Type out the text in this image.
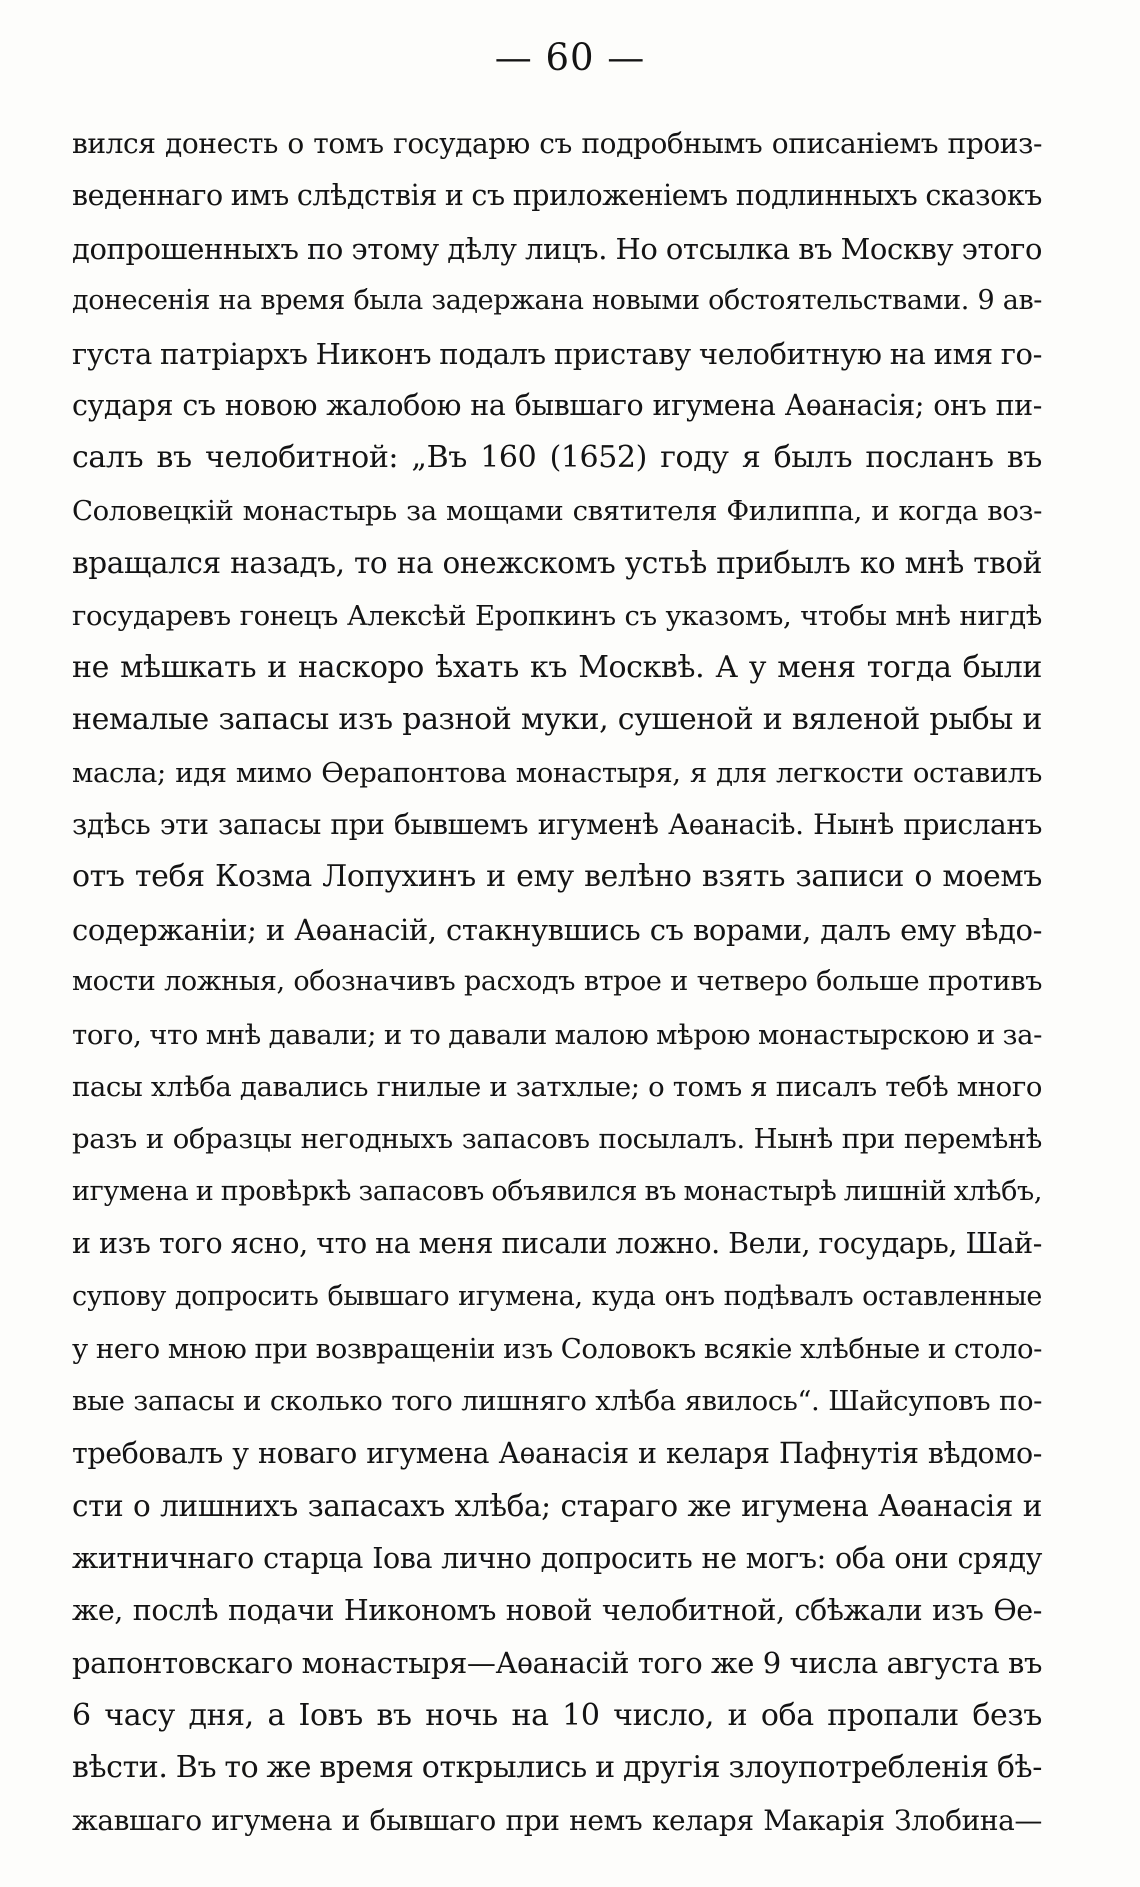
— 60 —
вился донесть о томъ государю съ подробнымъ описаніемъ произ-
веденнаго имъ слѣдствія и съ приложеніемъ подлинныхъ сказокъ
допрошенныхъ по этому дѣлу лицъ. Но отсылка въ Москву этого
донесенія на время была задержана новыми обстоятельствами. 9 ав-
густа патріархъ Никонъ подалъ приставу челобитную на имя го-
сударя съ новою жалобою на бывшаго игумена Аѳанасія; онъ пи-
салъ въ челобитной: „Въ 160 (1652) году я былъ посланъ въ
Соловецкій монастырь за мощами святителя Филиппа, и когда воз-
вращался назадъ, то на онежскомъ устьѣ прибылъ ко мнѣ твой
государевъ гонецъ Алексѣй Еропкинъ съ указомъ, чтобы мнѣ нигдѣ
не мѣшкать и наскоро ѣхать къ Москвѣ. А у меня тогда были
немалые запасы изъ разной муки, сушеной и вяленой рыбы и
масла; идя мимо Ѳерапонтова монастыря, я для легкости оставилъ
здѣсь эти запасы при бывшемъ игуменѣ Аѳанасіѣ. Нынѣ присланъ
отъ тебя Козма Лопухинъ и ему велѣно взять записи о моемъ
содержаніи; и Аѳанасій, стакнувшись съ ворами, далъ ему вѣдо-
мости ложныя, обозначивъ расходъ втрое и четверо больше противъ
того, что мнѣ давали; и то давали малою мѣрою монастырскою и за-
пасы хлѣба давались гнилые и затхлые; о томъ я писалъ тебѣ много
разъ и образцы негодныхъ запасовъ посылалъ. Нынѣ при перемѣнѣ
игумена и провѣркѣ запасовъ объявился въ монастырѣ лишній хлѣбъ,
и изъ того ясно, что на меня писали ложно. Вели, государь, Шай-
супову допросить бывшаго игумена, куда онъ подѣвалъ оставленные
у него мною при возвращеніи изъ Соловокъ всякіе хлѣбные и столо-
вые запасы и сколько того лишняго хлѣба явилось“. Шайсуповъ по-
требовалъ у новаго игумена Аѳанасія и келаря Пафнутія вѣдомо-
сти о лишнихъ запасахъ хлѣба; стараго же игумена Аѳанасія и
житничнаго старца Іова лично допросить не могъ: оба они сряду
же, послѣ подачи Никономъ новой челобитной, сбѣжали изъ Ѳе-
рапонтовскаго монастыря—Аѳанасій того же 9 числа августа въ
6 часу дня, а Іовъ въ ночь на 10 число, и оба пропали безъ
вѣсти. Въ то же время открылись и другія злоупотребленія бѣ-
жавшаго игумена и бывшаго при немъ келаря Макарія Злобина—
